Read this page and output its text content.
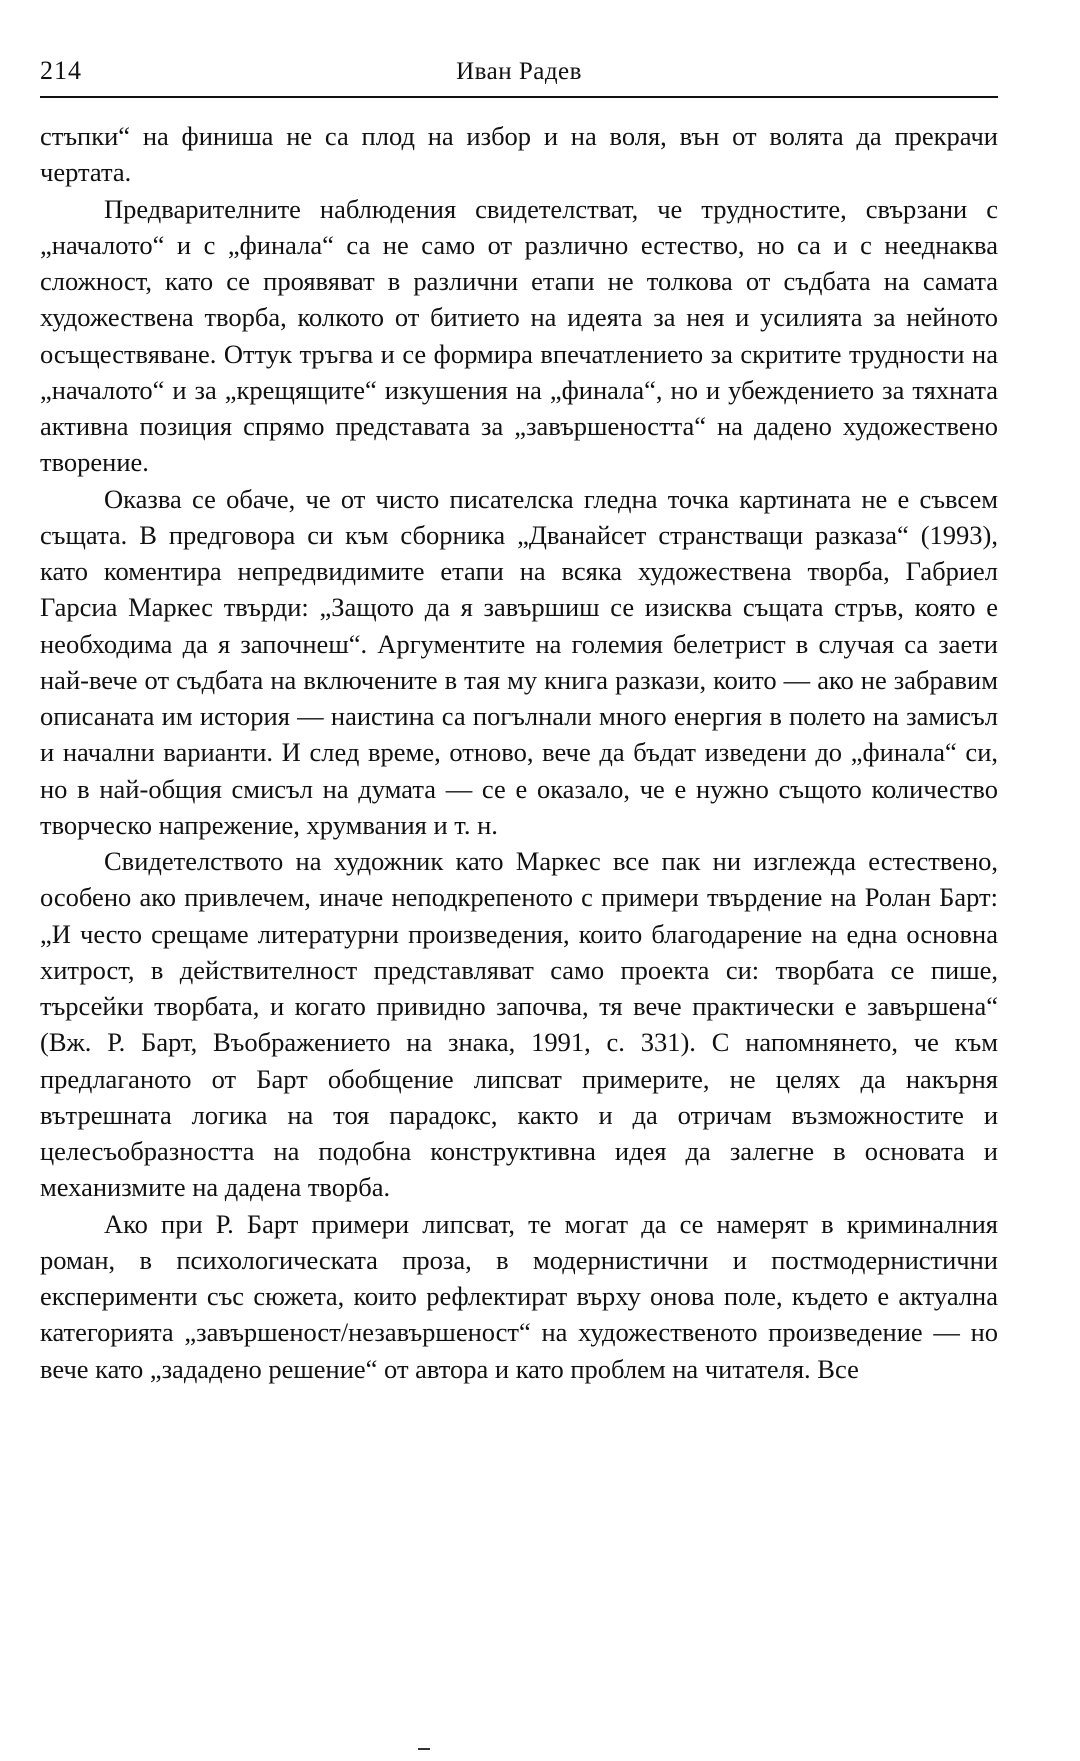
214	Иван Радев

стъпки“ на финиша не са плод на избор и на воля, вън от волята да прекрачи чертата.

Предварителните наблюдения свидетелстват, че трудностите, свързани с „началото“ и с „финала“ са не само от различно естество, но са и с нееднаква сложност, като се проявяват в различни етапи не толкова от съдбата на самата художествена творба, колкото от битието на идеята за нея и усилията за нейното осъществяване. Оттук тръгва и се формира впечатлението за скритите трудности на „началото“ и за „крещящите“ изкушения на „финала“, но и убеждението за тяхната активна позиция спрямо представата за „завършеността“ на дадено художествено творение.

Оказва се обаче, че от чисто писателска гледна точка картината не е съвсем същата. В предговора си към сборника „Дванайсет странстващи разказа“ (1993), като коментира непредвидимите етапи на всяка художествена творба, Габриел Гарсиа Маркес твърди: „Защото да я завършиш се изисква същата стръв, която е необходима да я започнеш“. Аргументите на големия белетрист в случая са заети най-вече от съдбата на включените в тая му книга разкази, които — ако не забравим описаната им история — наистина са погълнали много енергия в полето на замисъл и начални варианти. И след време, отново, вече да бъдат изведени до „финала“ си, но в най-общия смисъл на думата — се е оказало, че е нужно същото количество творческо напрежение, хрумвания и т. н.

Свидетелството на художник като Маркес все пак ни изглежда естествено, особено ако привлечем, иначе неподкрепеното с примери твърдение на Ролан Барт: „И често срещаме литературни произведения, които благодарение на една основна хитрост, в действителност представляват само проекта си: творбата се пише, търсейки творбата, и когато привидно започва, тя вече практически е завършена“ (Вж. Р. Барт, Въображението на знака, 1991, с. 331). С напомнянето, че към предлаганото от Барт обобщение липсват примерите, не целях да накърня вътрешната логика на тоя парадокс, както и да отричам възможностите и целесъобразността на подобна конструктивна идея да залегне в основата и механизмите на дадена творба.

Ако при Р. Барт примери липсват, те могат да се намерят в криминалния роман, в психологическата проза, в модернистични и постмодернистични експерименти със сюжета, които рефлектират върху онова поле, където е актуална категорията „завършеност/незавършеност“ на художественото произведение — но вече като „зададено решение“ от автора и като проблем на читателя. Все
